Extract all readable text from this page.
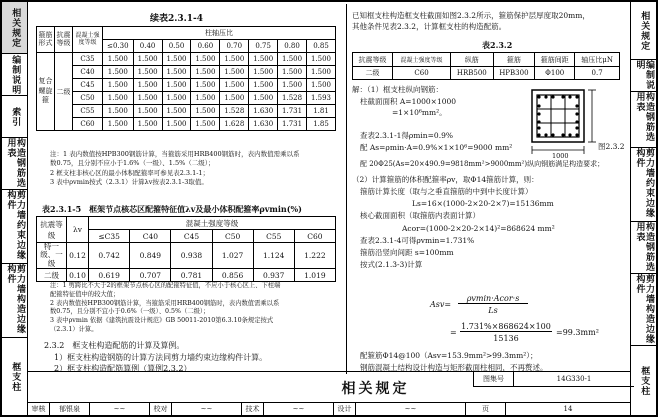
相关规定
编制说明
索引
构造钢筋选用表
剪力墙约束边缘构件
剪力墙构造边缘构件
框支柱
相关规定
编制说明
构造钢筋选用表
剪力墙约束边缘构件
构造钢筋选用表
剪力墙构造边缘构件
框支柱
续表2.3.1-4
箍筋形式	抗震等级	混凝土强度等级	柱轴压比							
			≤0.30	0.40	0.50	0.60	0.70	0.75	0.80	0.85
复合螺旋箍	二级	C35	1.500	1.500	1.500	1.500	1.500	1.500	1.500	1.500
		C40	1.500	1.500	1.500	1.500	1.500	1.500	1.500	1.500
		C45	1.500	1.500	1.500	1.500	1.500	1.500	1.500	1.500
		C50	1.500	1.500	1.500	1.500	1.500	1.500	1.528	1.593
		C55	1.500	1.500	1.500	1.500	1.528	1.630	1.731	1.81
		C60	1.500	1.500	1.500	1.500	1.628	1.630	1.731	1.85
注：1 表内数值按HPB300钢筋计算，当箍筋采用HRB400钢筋时，表内数值需乘以系
数0.75，且分别不应小于1.6%（一级）、1.5%（二级）；
2 框支柱非核心区的最小体积配箍率可参见表2.3.1-1；
3 表中ρvmin按式（2.3.1）计算λv按表2.3.1-3取值。
表2.3.1-5　框架节点核芯区配箍特征值λv及最小体积配箍率ρvmin(%)
抗震等级	λv	混凝土强度等级					
		≤C35	C40	C45	C50	C55	C60
特一级、一级	0.12	0.742	0.849	0.938	1.027	1.124	1.222
二级	0.10	0.619	0.707	0.781	0.856	0.937	1.019
注：1 剪跨比不大于2的框架节点核心区的配箍特征值，不应小于核心区上、下柱端
配箍特征值中的较大值；
2 表内数值按HPB300钢筋计算，当箍筋采用HRB400钢筋时，表内数值需乘以系
数0.75，且分别不宜小于0.6%（一级）、0.5%（二级）；
3 表中ρvmin 依据《建筑抗震设计规范》GB 50011-2010第6.3.10条规定按式
（2.3.1）计算。
2.3.2　框支柱构造配筋的计算及算例。
1）框支柱构造钢筋的计算方法同剪力墙约束边缘构件计算。
2）框支柱构造配筋算例（算例2.3.2）
已知框支柱构造框支柱截面如图2.3.2所示，箍筋保护层厚度取20mm，
其他条件见表2.3.2，计算框支柱的构造配筋。
表2.3.2
抗震等级	混凝土强度等级	纵筋	箍筋	箍筋间距	轴压比μN
二级	C60	HRB500	HPB300	Φ100	0.7
解：（1）框支柱纵向钢筋：
柱截面面积 A=1000×1000
=1×10⁶mm²。
查表2.3.1-1得ρmin=0.9%
配 As=ρmin·A=0.9%×1×10⁶=9000 mm²
1000
图2.3.2
配 20Φ25(As=20×490.9=9818mm²>9000mm²)纵向钢筋满足构造要求；
（2）计算箍筋的体积配箍率ρv，取Φ14箍筋计算，则：
箍筋计算长度（取与之垂直箍筋的中到中长度计算）
Ls=16×(1000-2×20-2×7)=15136mm
核心截面面积（取箍筋内表面计算）
Acor=(1000-2×20-2×14)²=868624 mm²
查表2.3.1-4可得ρvmin=1.731%
箍筋沿竖向间距 s=100mm
按式(2.1.3-3)计算
Asv=
ρvmin·Acor·s
Ls
=
1.731%×868624×100
15136
=99.3mm²
配箍筋Φ14@100（Asv=153.9mm²>99.3mm²）；
钢筋混凝土结构设计构造与矩形截面柱相同，不再赘述。
相关规定
图集号	14G330-1
审核	郁银泉	~~	校对	~~	技术	~~	设计	~~	页	14
